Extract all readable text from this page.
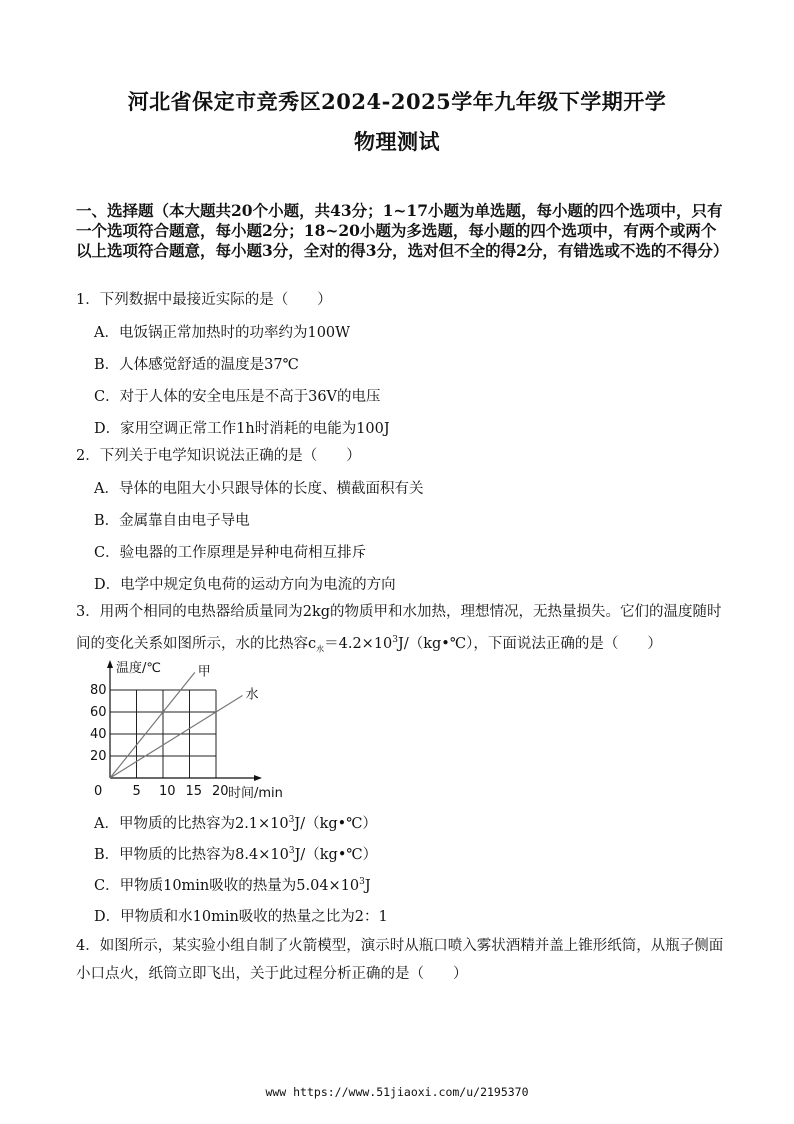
河北省保定市竞秀区2024-2025学年九年级下学期开学
物理测试
一、选择题（本大题共20个小题，共43分；1~17小题为单选题，每小题的四个选项中，只有一个选项符合题意，每小题2分；18~20小题为多选题，每小题的四个选项中，有两个或两个以上选项符合题意，每小题3分，全对的得3分，选对但不全的得2分，有错选或不选的不得分）
1．下列数据中最接近实际的是（　　）
A．电饭锅正常加热时的功率约为100W
B．人体感觉舒适的温度是37℃
C．对于人体的安全电压是不高于36V的电压
D．家用空调正常工作1h时消耗的电能为100J
2．下列关于电学知识说法正确的是（　　）
A．导体的电阻大小只跟导体的长度、横截面积有关
B．金属靠自由电子导电
C．验电器的工作原理是异种电荷相互排斥
D．电学中规定负电荷的运动方向为电流的方向
3．用两个相同的电热器给质量同为2kg的物质甲和水加热，理想情况，无热量损失。它们的温度随时间的变化关系如图所示，水的比热容$c_水=4.2\times 10^3J/(kg•℃)$，下面说法正确的是（　　）
甲
水
0 5 10 15 20
20
40
60
80
温度/℃
时间/min
A．甲物质的比热容为$2.1\times 10^3J/(kg•℃)$
B．甲物质的比热容为$8.4\times 10^3J/(kg•℃)$
C．甲物质10min吸收的热量为$5.04\times 10^3J$
D．甲物质和水10min吸收的热量之比为2：1
4．如图所示，某实验小组自制了火箭模型，演示时从瓶口喷入雾状酒精并盖上锥形纸筒，从瓶子侧面小口点火，纸筒立即飞出，关于此过程分析正确的是（　　）
www https://www.51jiaoxi.com/u/2195370
